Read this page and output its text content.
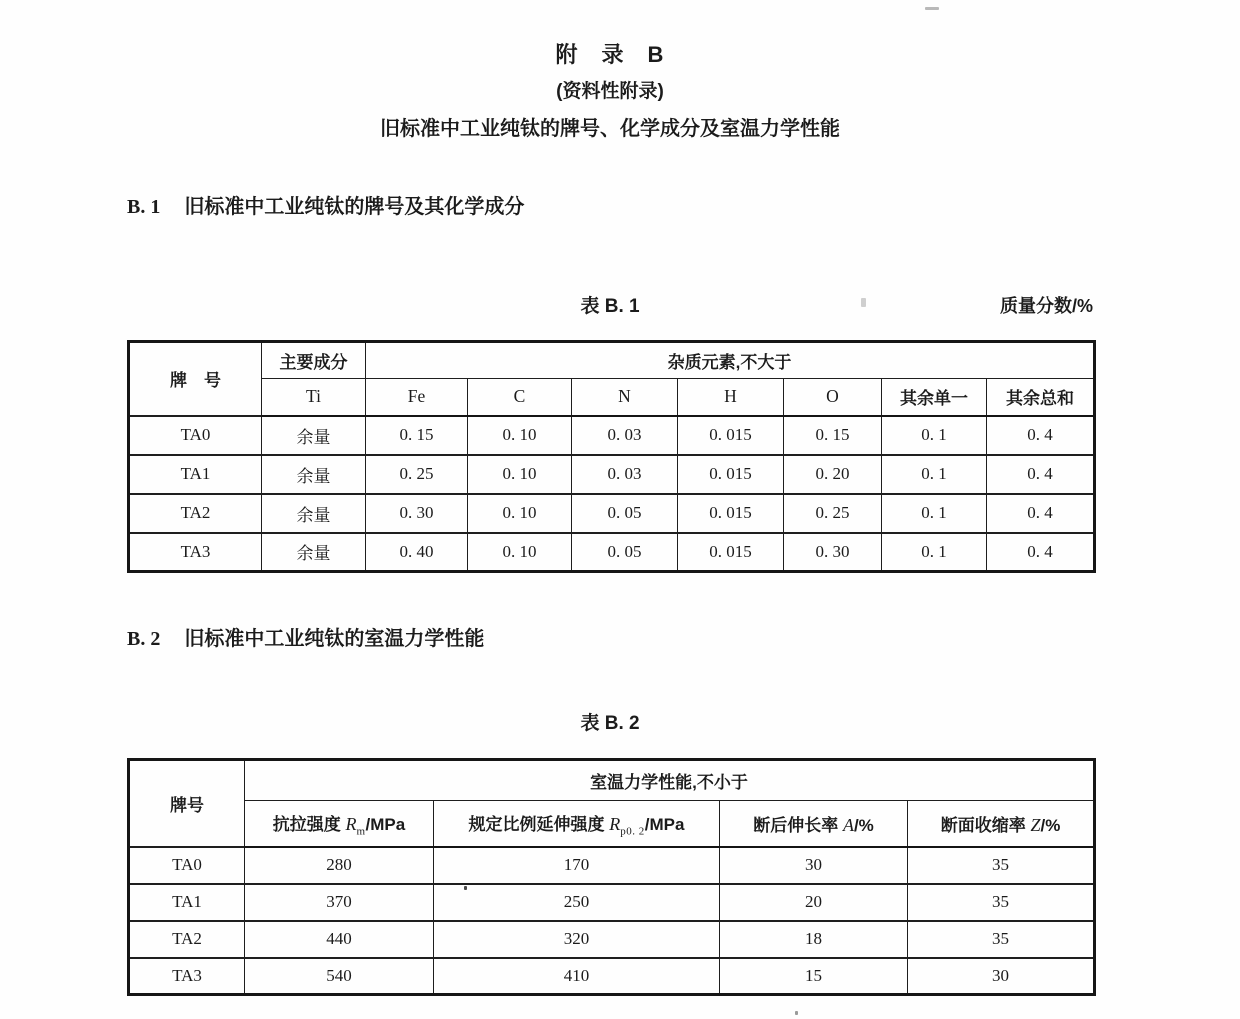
附　录　B
(资料性附录)
旧标准中工业纯钛的牌号、化学成分及室温力学性能
B. 1 旧标准中工业纯钛的牌号及其化学成分
表 B. 1	质量分数/%
牌　号	主要成分	杂质元素,不大于						
	Ti	Fe	C	N	H	O	其余单一	其余总和
TA0	余量	0. 15	0. 10	0. 03	0. 015	0. 15	0. 1	0. 4
TA1	余量	0. 25	0. 10	0. 03	0. 015	0. 20	0. 1	0. 4
TA2	余量	0. 30	0. 10	0. 05	0. 015	0. 25	0. 1	0. 4
TA3	余量	0. 40	0. 10	0. 05	0. 015	0. 30	0. 1	0. 4
B. 2 旧标准中工业纯钛的室温力学性能
表 B. 2
牌号	室温力学性能,不小于			
	抗拉强度 $R_m$/MPa	规定比例延伸强度 $R_{p0. 2}$/MPa	断后伸长率 A/%	断面收缩率 Z/%
TA0	280	170	30	35
TA1	370	250	20	35
TA2	440	320	18	35
TA3	540	410	15	30
